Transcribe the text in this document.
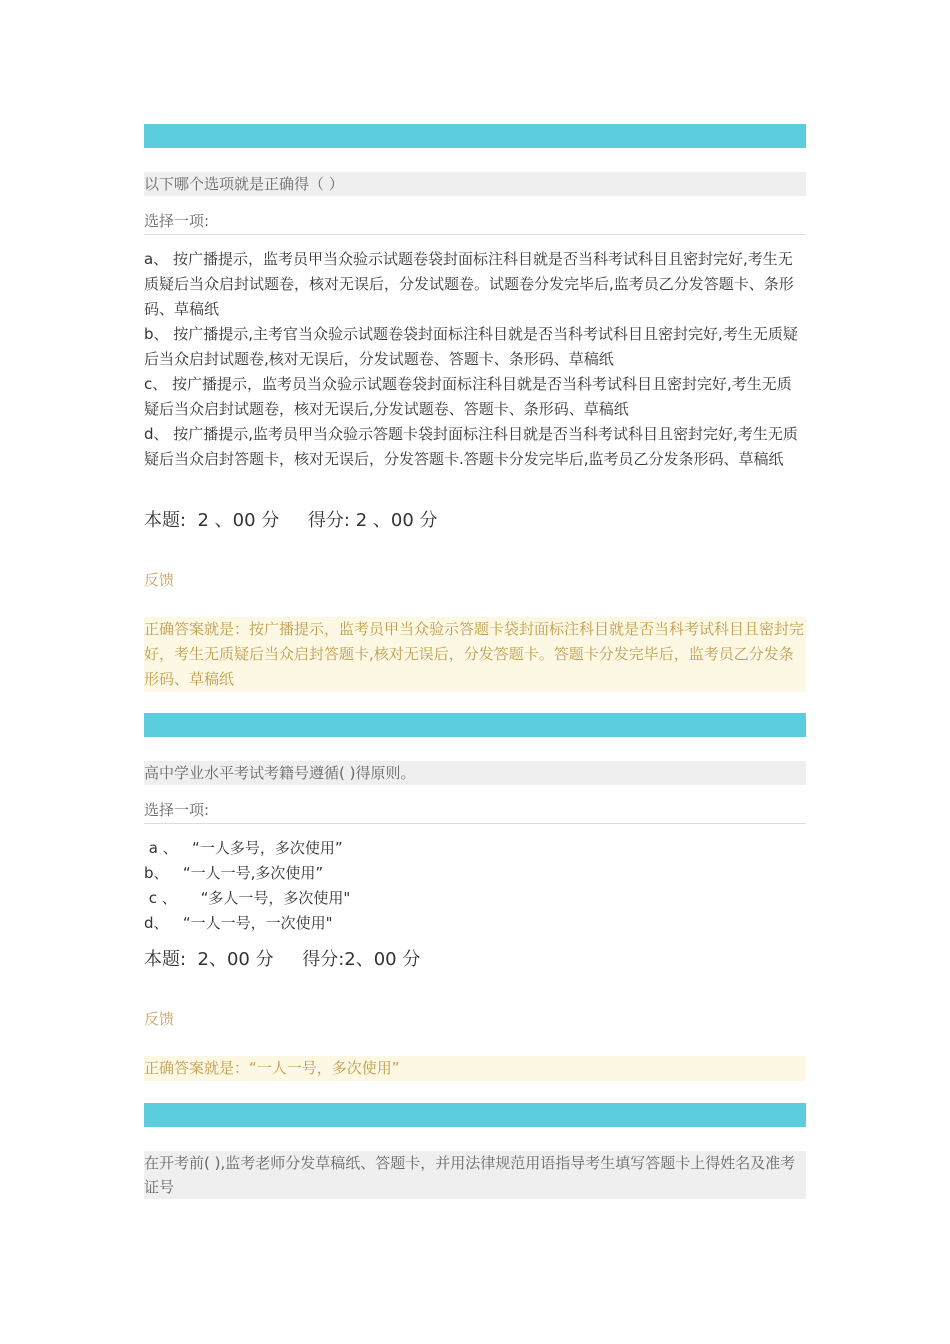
以下哪个选项就是正确得（ ）
选择一项:
a、 按广播提示，监考员甲当众验示试题卷袋封面标注科目就是否当科考试科目且密封完好,考生无质疑后当众启封试题卷，核对无误后，分发试题卷。试题卷分发完毕后,监考员乙分发答题卡、条形码、草稿纸
b、 按广播提示,主考官当众验示试题卷袋封面标注科目就是否当科考试科目且密封完好,考生无质疑后当众启封试题卷,核对无误后，分发试题卷、答题卡、条形码、草稿纸
c、 按广播提示，监考员当众验示试题卷袋封面标注科目就是否当科考试科目且密封完好,考生无质疑后当众启封试题卷，核对无误后,分发试题卷、答题卡、条形码、草稿纸
d、 按广播提示,监考员甲当众验示答题卡袋封面标注科目就是否当科考试科目且密封完好,考生无质疑后当众启封答题卡，核对无误后，分发答题卡.答题卡分发完毕后,监考员乙分发条形码、草稿纸
本题:  2 、00 分     得分: 2 、00 分
反馈
正确答案就是：按广播提示，监考员甲当众验示答题卡袋封面标注科目就是否当科考试科目且密封完好，考生无质疑后当众启封答题卡,核对无误后，分发答题卡。答题卡分发完毕后，监考员乙分发条形码、草稿纸
高中学业水平考试考籍号遵循( )得原则。
选择一项:
a 、   “一人多号，多次使用”
b、   “一人一号,多次使用”
c 、     “多人一号，多次使用"
d、   “一人一号，一次使用"
本题:  2、00 分     得分:2、00 分
反馈
正确答案就是：“一人一号，多次使用”
在开考前( ),监考老师分发草稿纸、答题卡，并用法律规范用语指导考生填写答题卡上得姓名及准考证号
